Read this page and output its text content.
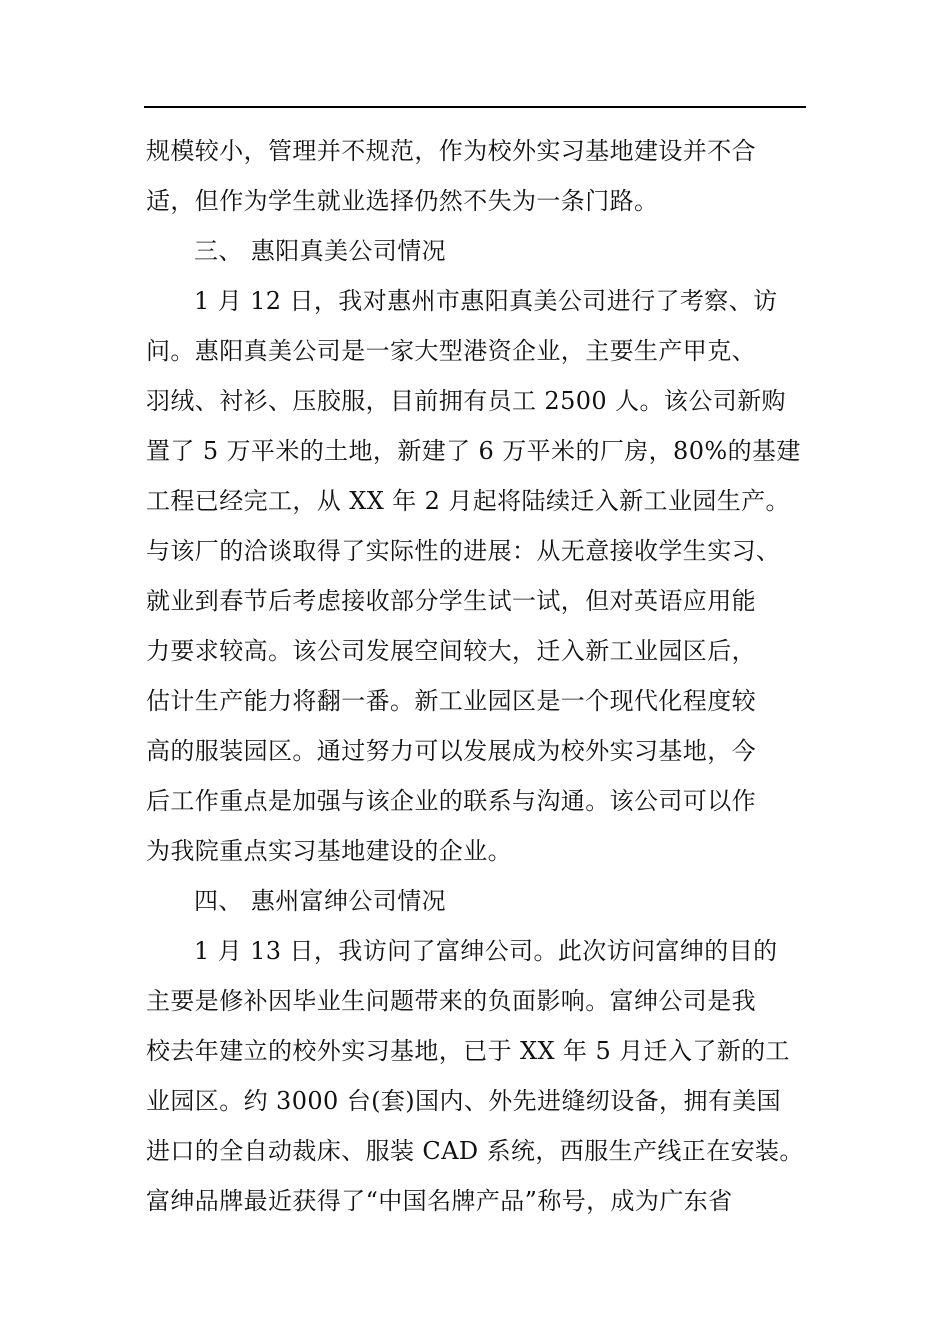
规模较小，管理并不规范，作为校外实习基地建设并不合
适，但作为学生就业选择仍然不失为一条门路。
三、 惠阳真美公司情况
1 月 12 日，我对惠州市惠阳真美公司进行了考察、访
问。惠阳真美公司是一家大型港资企业，主要生产甲克、
羽绒、衬衫、压胶服，目前拥有员工 2500 人。该公司新购
置了 5 万平米的土地，新建了 6 万平米的厂房，80%的基建
工程已经完工，从 XX 年 2 月起将陆续迁入新工业园生产。
与该厂的洽谈取得了实际性的进展：从无意接收学生实习、
就业到春节后考虑接收部分学生试一试，但对英语应用能
力要求较高。该公司发展空间较大，迁入新工业园区后，
估计生产能力将翻一番。新工业园区是一个现代化程度较
高的服装园区。通过努力可以发展成为校外实习基地，今
后工作重点是加强与该企业的联系与沟通。该公司可以作
为我院重点实习基地建设的企业。
四、 惠州富绅公司情况
1 月 13 日，我访问了富绅公司。此次访问富绅的目的
主要是修补因毕业生问题带来的负面影响。富绅公司是我
校去年建立的校外实习基地，已于 XX 年 5 月迁入了新的工
业园区。约 3000 台(套)国内、外先进缝纫设备，拥有美国
进口的全自动裁床、服装 CAD 系统，西服生产线正在安装。
富绅品牌最近获得了“中国名牌产品”称号，成为广东省
